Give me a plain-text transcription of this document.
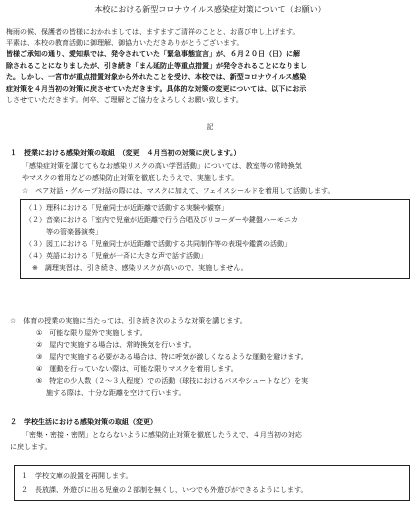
本校における新型コロナウイルス感染症対策について（お願い）
梅雨の候、保護者の皆様におかれましては、ますますご清祥のことと、お喜び申し上げます。
平素は、本校の教育活動に御理解、御協力いただきありがとうございます。
皆様ご承知の通り、愛知県では、発令されていた「緊急事態宣言」が、６月２０日（日）に解
除されることになりましたが、引き続き「まん延防止等重点措置」が発令されることになりまし
た。しかし、一宮市が重点措置対象から外れたことを受け、本校では、新型コロナウイルス感染
症対策を４月当初の対策に戻させていただきます。具体的な対策の変更については、以下にお示
しさせていただきます。何卒、ご理解とご協力をよろしくお願い致します。
記
１　授業における感染対策の取組　（変更　４月当初の対策に戻します。）
「感染症対策を講じてもなお感染リスクの高い学習活動」については、教室等の常時換気
やマスクの着用などの感染防止対策を徹底したうえで、実施します。
☆　ペア対話・グループ対話の際には、マスクに加えて、フェイスシールドを着用して活動します。
（１）理科における「児童同士が近距離で活動する実験や観察」
（２）音楽における「室内で児童が近距離で行う合唱及びリコーダーや鍵盤ハーモニカ
　　　等の管楽器演奏」
（３）図工における「児童同士が近距離で活動する共同制作等の表現や鑑賞の活動」
（４）英語における「児童が一斉に大きな声で話す活動」
　※　調理実習は、引き続き、感染リスクが高いので、実施しません。
☆　体育の授業の実施に当たっては、引き続き次のような対策を講じます。
①　可能な限り屋外で実施します。
②　屋内で実施する場合は、常時換気を行います。
③　屋内で実施する必要がある場合は、特に呼気が激しくなるような運動を避けます。
④　運動を行っていない際は、可能な限りマスクを着用します。
⑤　特定の少人数（２～３人程度）での活動（球技におけるパスやシュートなど）を実
施する際は、十分な距離を空けて行います。
２　学校生活における感染対策の取組（変更）
「密集・密接・密閉」とならないように感染防止対策を徹底したうえで、４月当初の対応
に戻します。
１　学校文庫の設置を再開します。
２　長放課、外遊びに出る児童の２部制を無くし、いつでも外遊びができるようにします。
